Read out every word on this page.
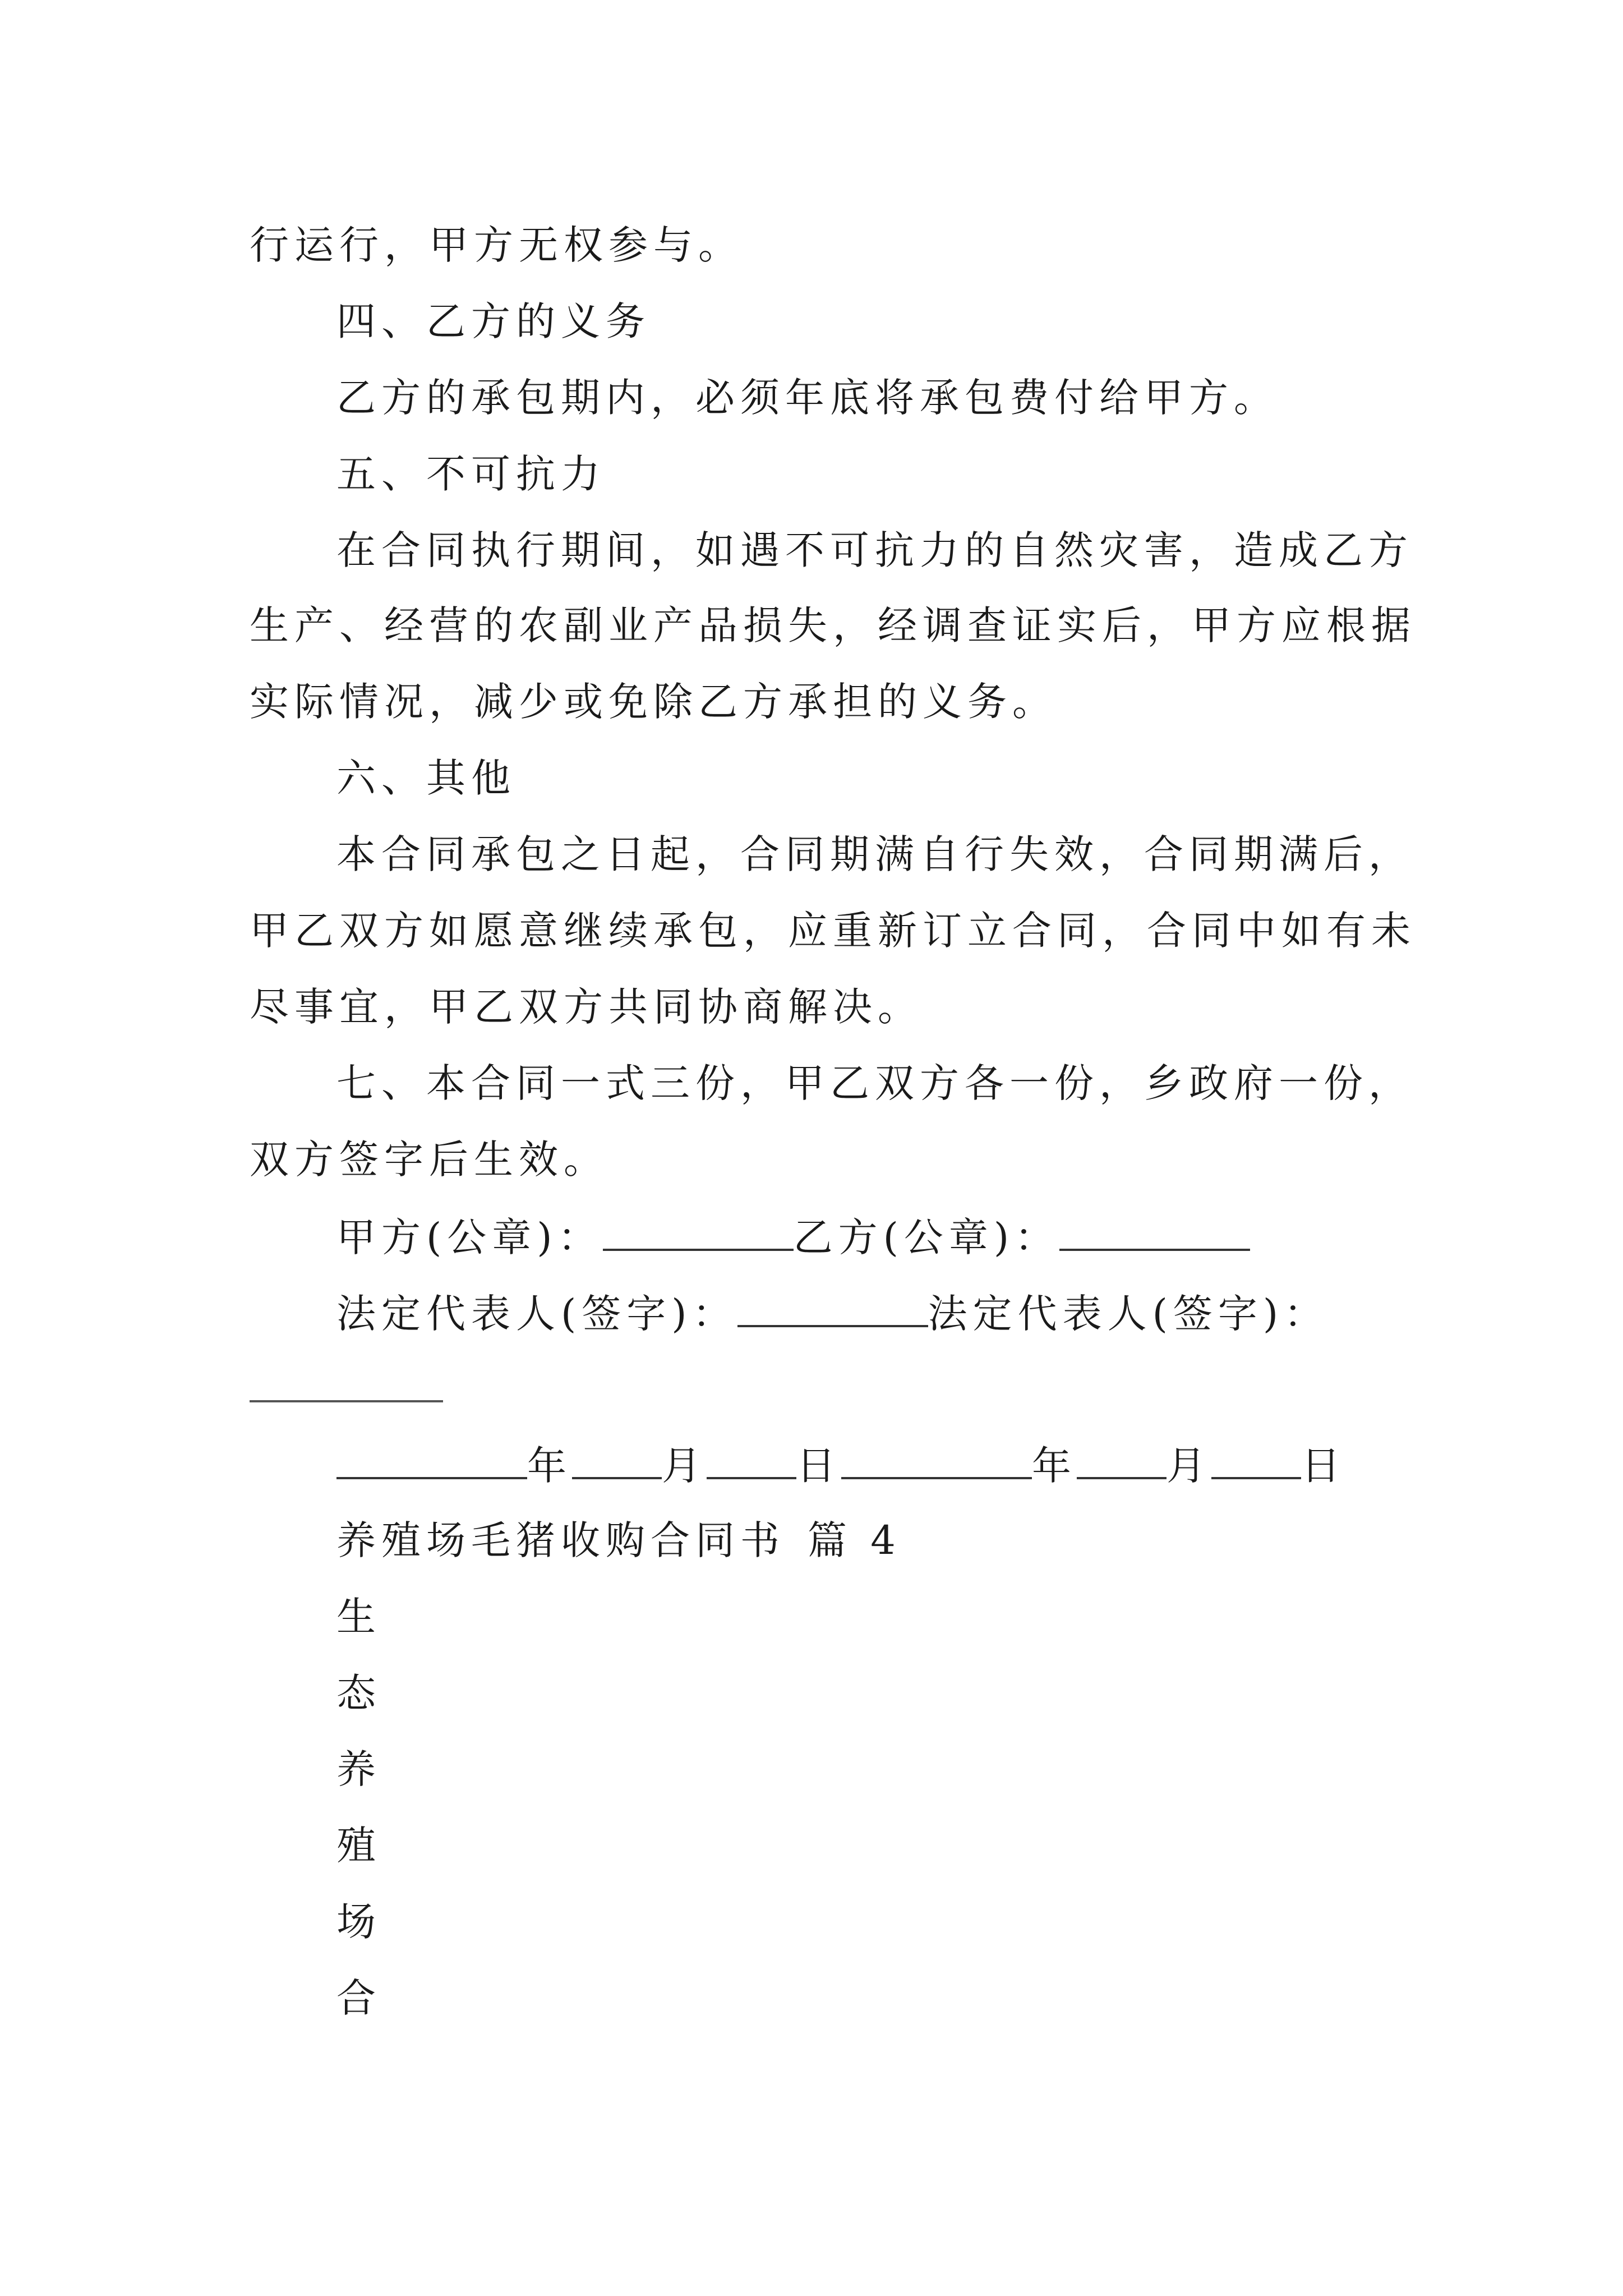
行运行，甲方无权参与。
四、乙方的义务
乙方的承包期内，必须年底将承包费付给甲方。
五、不可抗力
在合同执行期间，如遇不可抗力的自然灾害，造成乙方
生产、经营的农副业产品损失，经调查证实后，甲方应根据
实际情况，减少或免除乙方承担的义务。
六、其他
本合同承包之日起，合同期满自行失效，合同期满后，
甲乙双方如愿意继续承包，应重新订立合同，合同中如有未
尽事宜，甲乙双方共同协商解决。
七、本合同一式三份，甲乙双方各一份，乡政府一份，
双方签字后生效。
甲方(公章)：	乙方(公章)：
法定代表人(签字)：	法定代表人(签字)：
年 月 日	年 月 日
养殖场毛猪收购合同书 篇 4
生
态
养
殖
场
合
